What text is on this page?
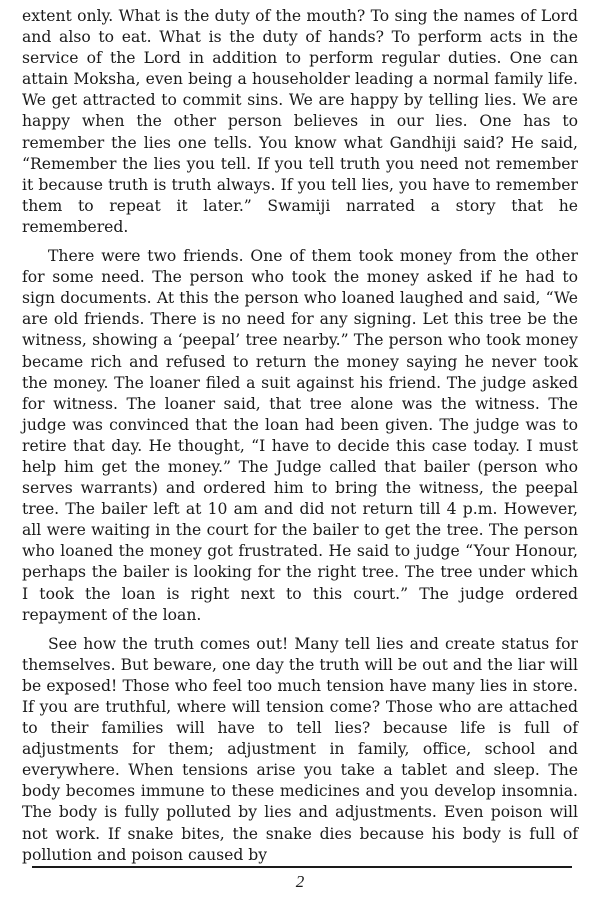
extent only. What is the duty of the mouth? To sing the names of Lord and also to eat. What is the duty of hands? To perform acts in the service of the Lord in addition to perform regular duties. One can attain Moksha, even being a householder leading a normal family life. We get attracted to commit sins. We are happy by telling lies. We are happy when the other person believes in our lies. One has to remember the lies one tells. You know what Gandhiji said? He said, “Remember the lies you tell. If you tell truth you need not remember it because truth is truth always. If you tell lies, you have to remember them to repeat it later.” Swamiji narrated a story that he remembered.

There were two friends. One of them took money from the other for some need. The person who took the money asked if he had to sign documents. At this the person who loaned laughed and said, “We are old friends. There is no need for any signing. Let this tree be the witness, showing a ‘peepal’ tree nearby.” The person who took money became rich and refused to return the money saying he never took the money. The loaner filed a suit against his friend. The judge asked for witness. The loaner said, that tree alone was the witness. The judge was convinced that the loan had been given. The judge was to retire that day. He thought, “I have to decide this case today. I must help him get the money.” The Judge called that bailer (person who serves warrants) and ordered him to bring the witness, the peepal tree. The bailer left at 10 am and did not return till 4 p.m. However, all were waiting in the court for the bailer to get the tree. The person who loaned the money got frustrated. He said to judge “Your Honour, perhaps the bailer is looking for the right tree. The tree under which I took the loan is right next to this court.” The judge ordered repayment of the loan.

See how the truth comes out! Many tell lies and create status for themselves. But beware, one day the truth will be out and the liar will be exposed! Those who feel too much tension have many lies in store. If you are truthful, where will tension come? Those who are attached to their families will have to tell lies? because life is full of adjustments for them; adjustment in family, office, school and everywhere. When tensions arise you take a tablet and sleep. The body becomes immune to these medicines and you develop insomnia. The body is fully polluted by lies and adjustments. Even poison will not work. If snake bites, the snake dies because his body is full of pollution and poison caused by

2
